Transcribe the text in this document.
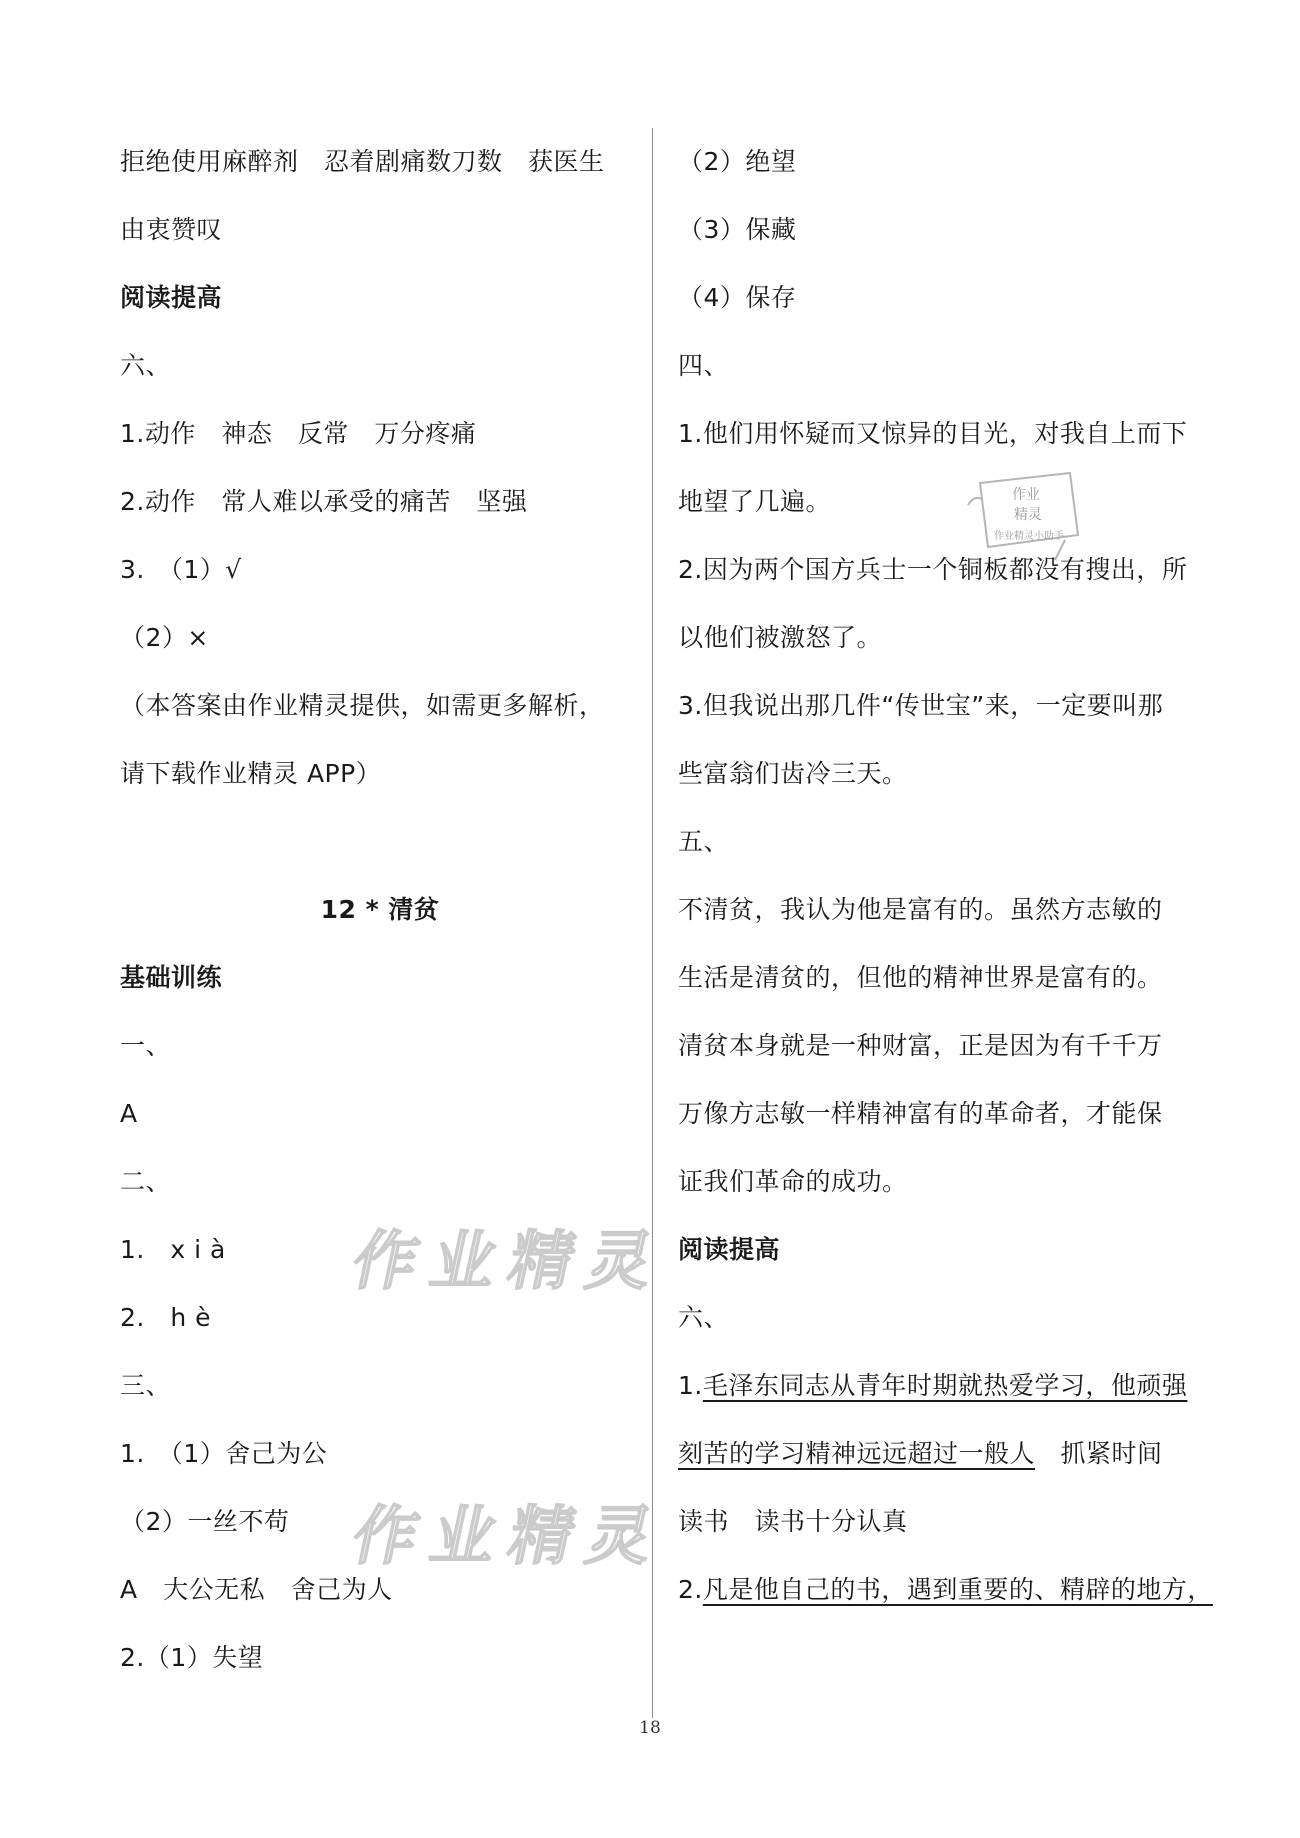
拒绝使用麻醉剂　忍着剧痛数刀数　获医生
由衷赞叹
阅读提高
六、
1.动作　神态　反常　万分疼痛
2.动作　常人难以承受的痛苦　坚强
3.　（1）√
（2）×
（本答案由作业精灵提供，如需更多解析，
请下载作业精灵 APP）
12 * 清贫
基础训练
一、
A
二、
1.　x i à
2.　h è
三、
1.　（1）舍己为公
（2）一丝不苟
A　大公无私　舍己为人
2.（1）失望
（2）绝望
（3）保藏
（4）保存
四、
1.他们用怀疑而又惊异的目光，对我自上而下
地望了几遍。
2.因为两个国方兵士一个铜板都没有搜出，所
以他们被激怒了。
3.但我说出那几件“传世宝”来，一定要叫那
些富翁们齿冷三天。
五、
不清贫，我认为他是富有的。虽然方志敏的
生活是清贫的，但他的精神世界是富有的。
清贫本身就是一种财富，正是因为有千千万
万像方志敏一样精神富有的革命者，才能保
证我们革命的成功。
阅读提高
六、
1.毛泽东同志从青年时期就热爱学习，他顽强
刻苦的学习精神远远超过一般人　抓紧时间
读书　读书十分认真
2.凡是他自己的书，遇到重要的、精辟的地方，
作业精灵
作业精灵
作业
精灵
作业精灵小助手
18
